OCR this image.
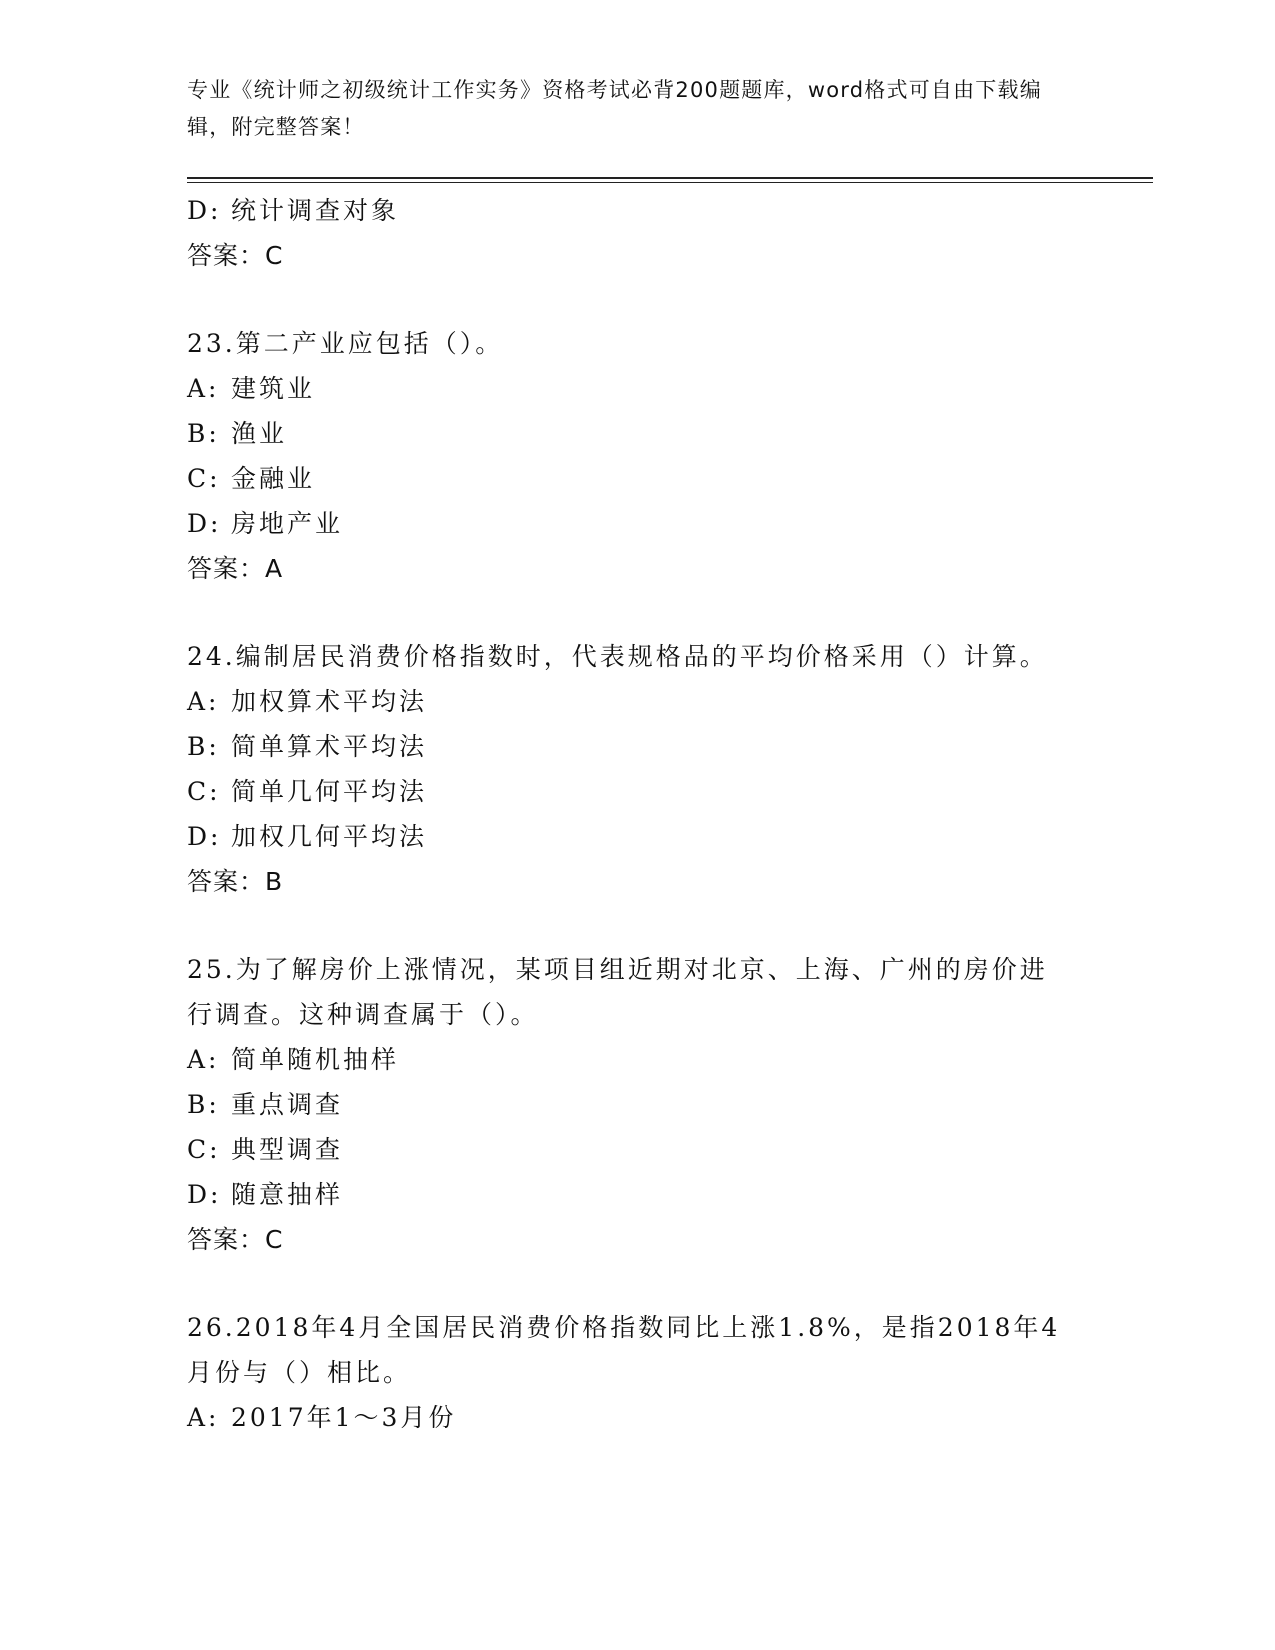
专业《统计师之初级统计工作实务》资格考试必背200题题库，word格式可自由下载编辑，附完整答案！
D: 统计调查对象
答案：C
23.第二产业应包括（）。
A: 建筑业
B: 渔业
C: 金融业
D: 房地产业
答案：A
24.编制居民消费价格指数时，代表规格品的平均价格采用（）计算。
A: 加权算术平均法
B: 简单算术平均法
C: 简单几何平均法
D: 加权几何平均法
答案：B
25.为了解房价上涨情况，某项目组近期对北京、上海、广州的房价进
行调查。这种调查属于（）。
A: 简单随机抽样
B: 重点调查
C: 典型调查
D: 随意抽样
答案：C
26.2018年4月全国居民消费价格指数同比上涨1.8%，是指2018年4
月份与（）相比。
A: 2017年1～3月份
